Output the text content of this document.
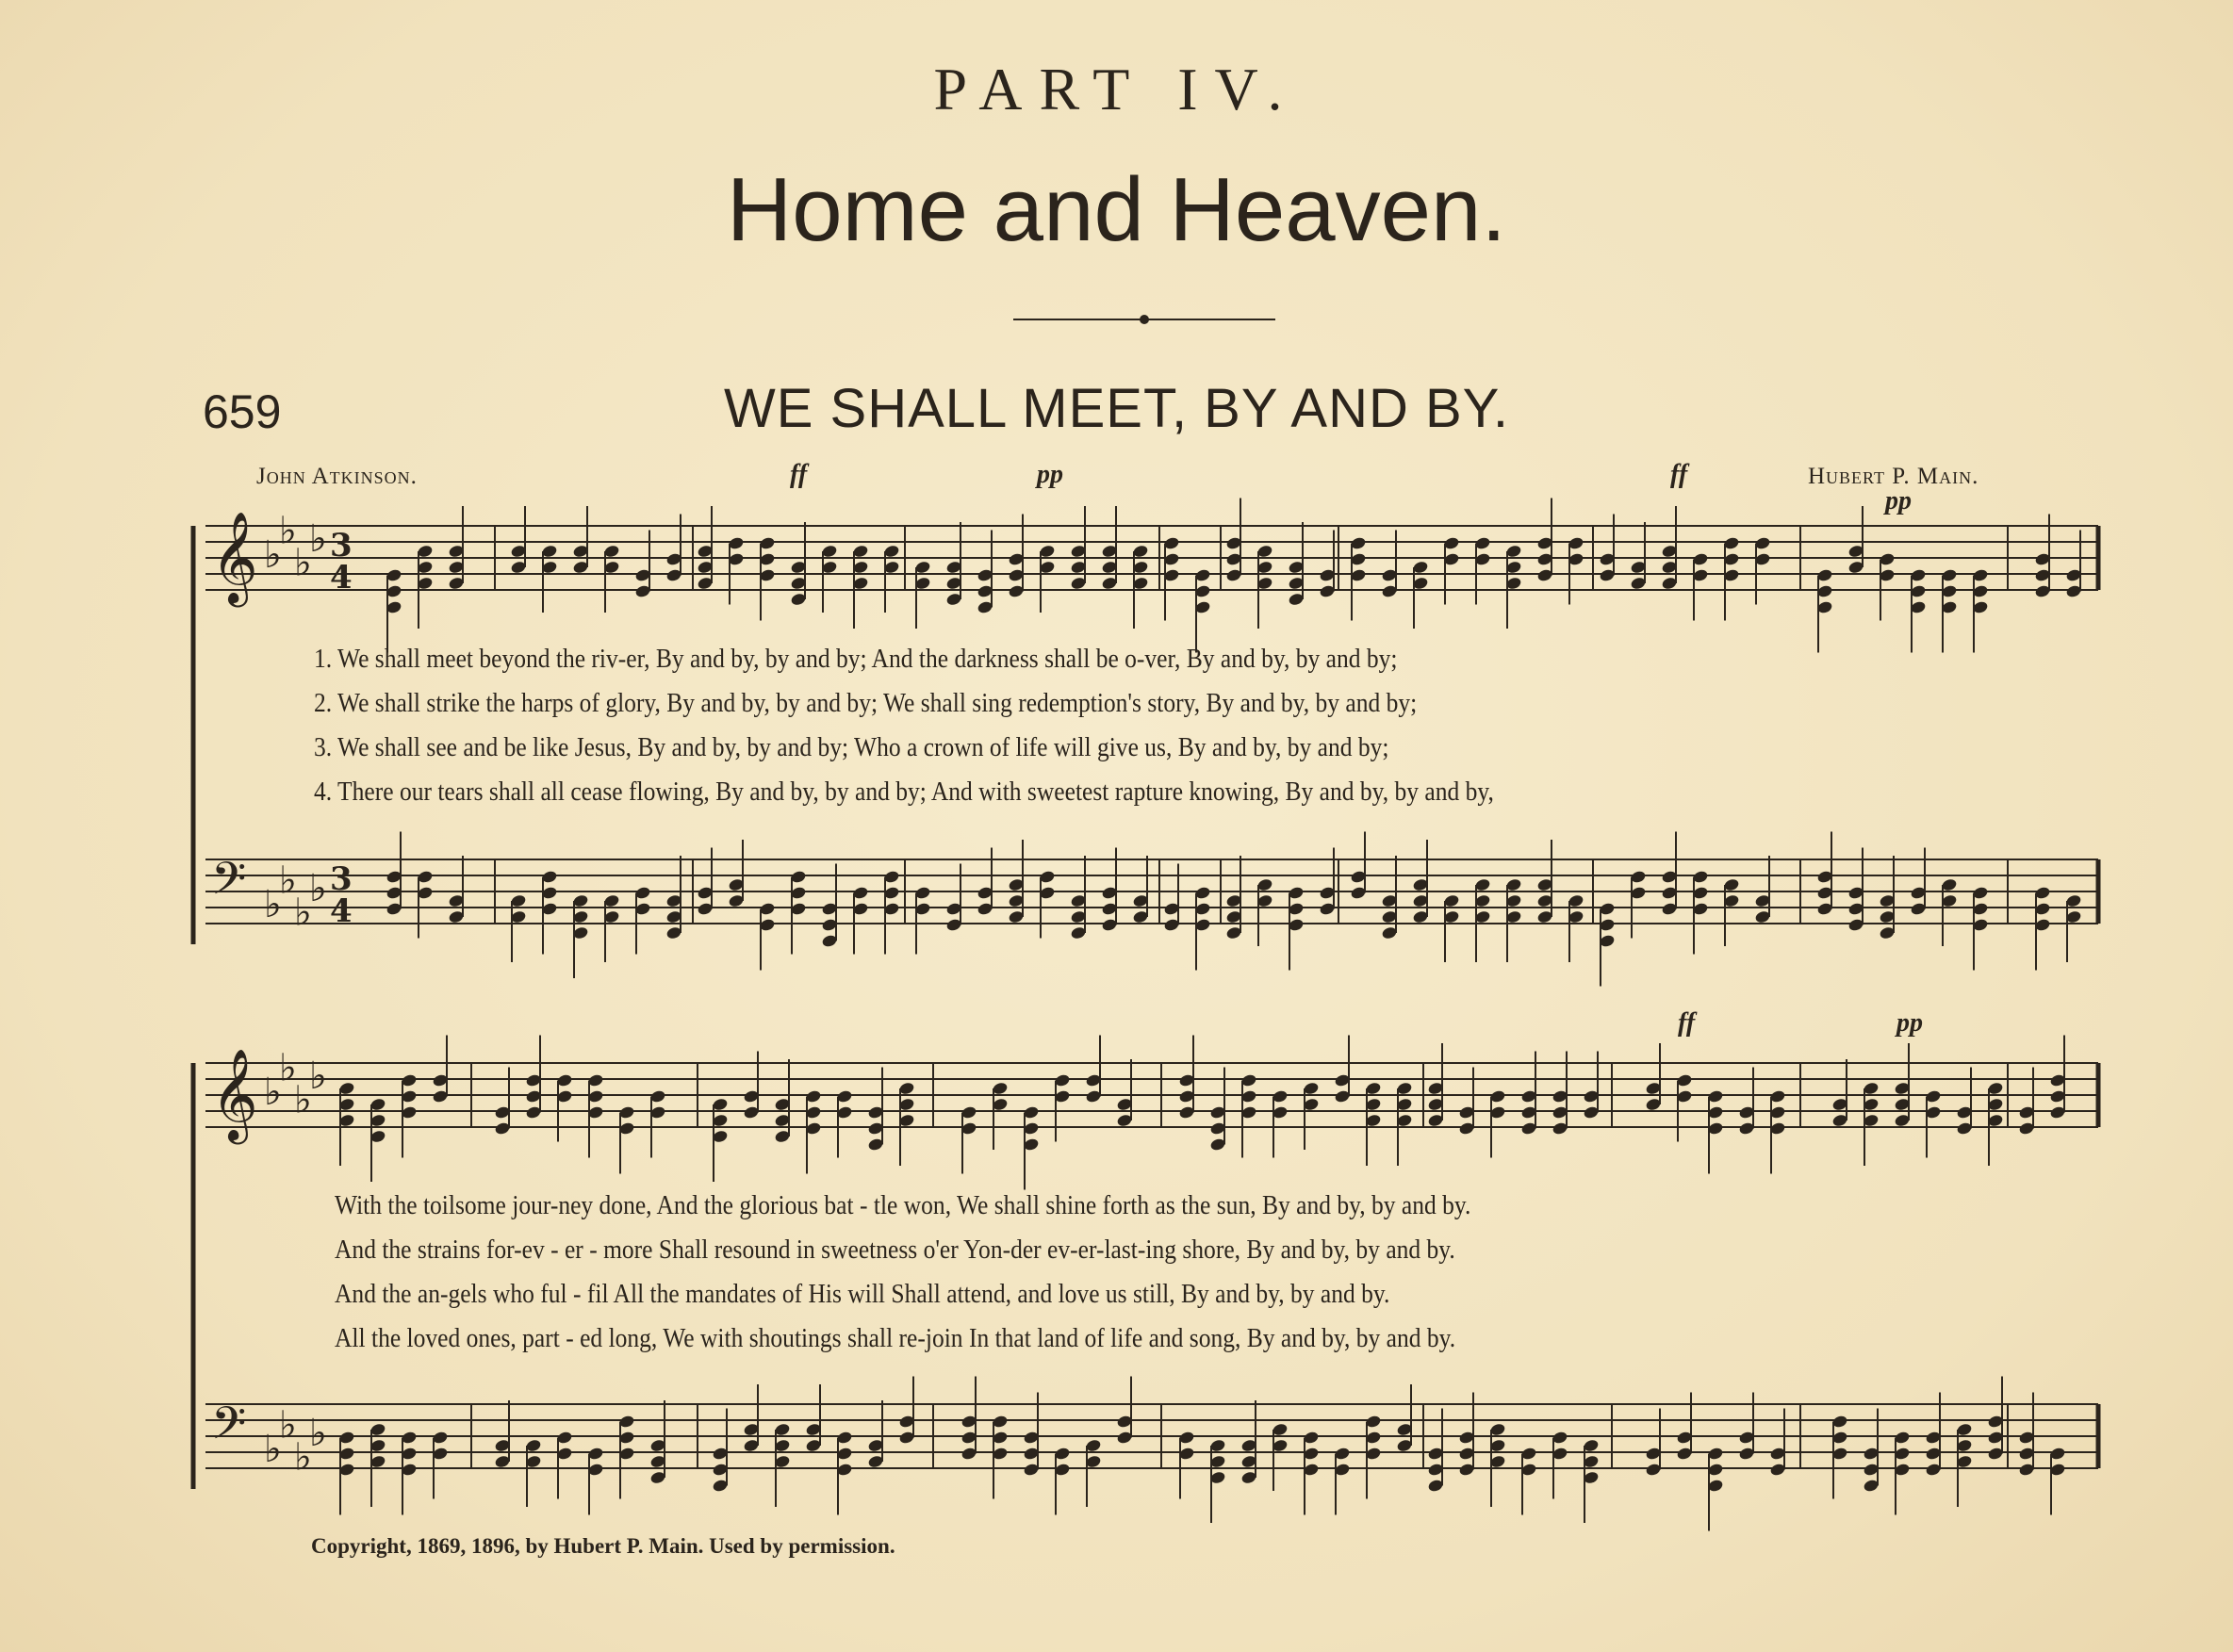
PART IV.
Home and Heaven.
659	WE SHALL MEET, BY AND BY.
John Atkinson.	Hubert P. Main.
ff	pp	ff
pp
ff	pp
𝄞 ♭
♭
♭
♭ 3
4
𝄢 ♭
♭
♭
♭ 3
4
𝄞 ♭
♭
♭
♭
𝄢 ♭
♭
♭
♭
1. We shall meet beyond the riv-er, By and by, by and by; And the darkness shall be o-ver, By and by, by and by;
2. We shall strike the harps of glory, By and by, by and by; We shall sing redemption's story, By and by, by and by;
3. We shall see and be like Jesus, By and by, by and by; Who a crown of life will give us, By and by, by and by;
4. There our tears shall all cease flowing, By and by, by and by; And with sweetest rapture knowing, By and by, by and by,
With the toilsome jour-ney done, And the glorious bat - tle won, We shall shine forth as the sun, By and by, by and by.
And the strains for-ev - er - more Shall resound in sweetness o'er Yon-der ev-er-last-ing shore, By and by, by and by.
And the an-gels who ful - fil All the mandates of His will Shall attend, and love us still, By and by, by and by.
All the loved ones, part - ed long, We with shoutings shall re-join In that land of life and song, By and by, by and by.
Copyright, 1869, 1896, by Hubert P. Main. Used by permission.
